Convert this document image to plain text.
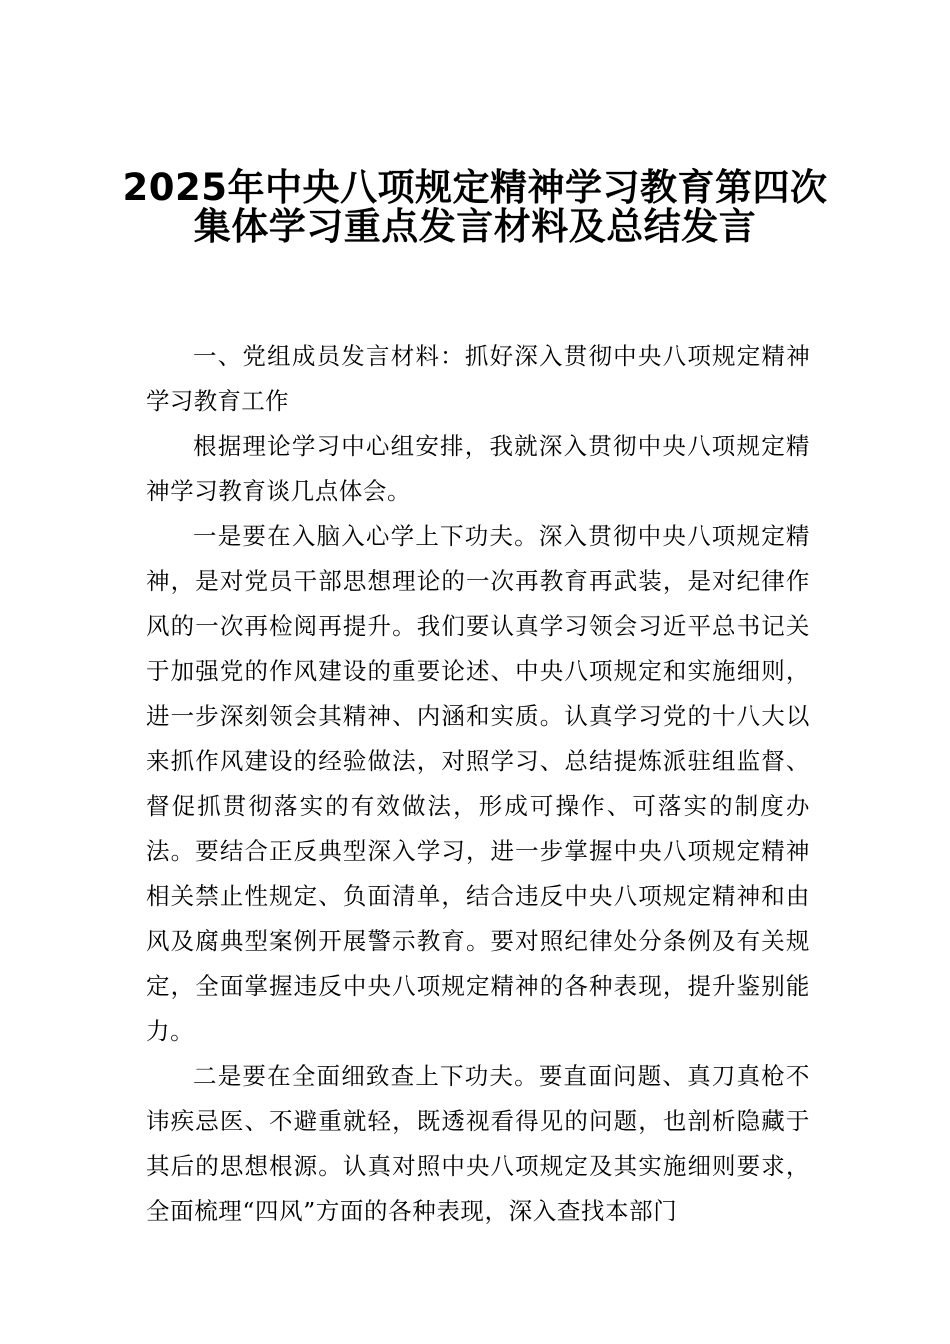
2025年中央八项规定精神学习教育第四次
集体学习重点发言材料及总结发言

一、党组成员发言材料：抓好深入贯彻中央八项规定精神学习教育工作

根据理论学习中心组安排，我就深入贯彻中央八项规定精神学习教育谈几点体会。

一是要在入脑入心学上下功夫。深入贯彻中央八项规定精神，是对党员干部思想理论的一次再教育再武装，是对纪律作风的一次再检阅再提升。我们要认真学习领会习近平总书记关于加强党的作风建设的重要论述、中央八项规定和实施细则，进一步深刻领会其精神、内涵和实质。认真学习党的十八大以来抓作风建设的经验做法，对照学习、总结提炼派驻组监督、督促抓贯彻落实的有效做法，形成可操作、可落实的制度办法。要结合正反典型深入学习，进一步掌握中央八项规定精神相关禁止性规定、负面清单，结合违反中央八项规定精神和由风及腐典型案例开展警示教育。要对照纪律处分条例及有关规定，全面掌握违反中央八项规定精神的各种表现，提升鉴别能力。

二是要在全面细致查上下功夫。要直面问题、真刀真枪不讳疾忌医、不避重就轻，既透视看得见的问题，也剖析隐藏于其后的思想根源。认真对照中央八项规定及其实施细则要求，全面梳理“四风”方面的各种表现，深入查找本部门
